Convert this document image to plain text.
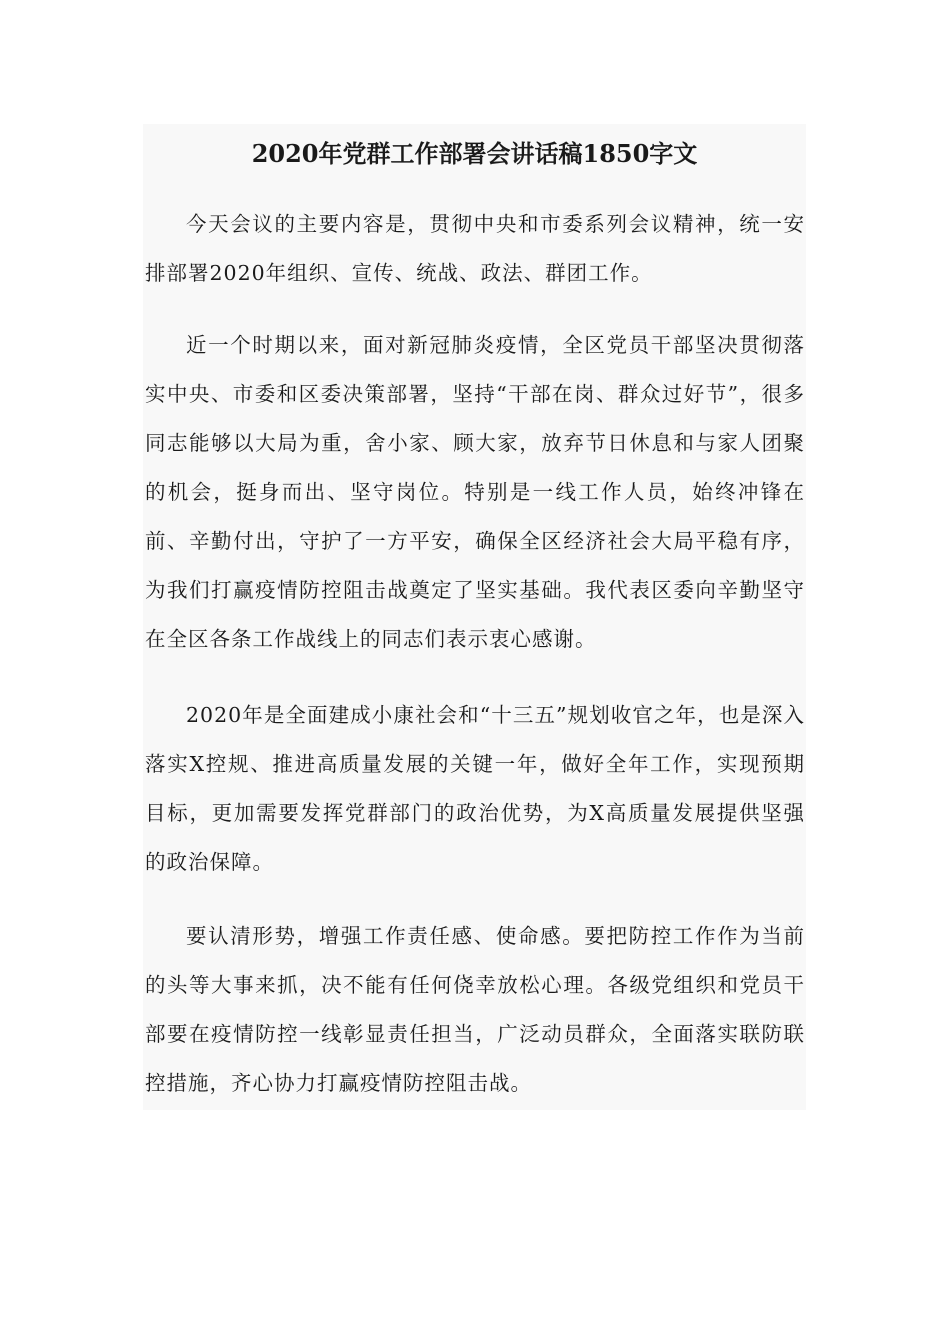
2020年党群工作部署会讲话稿1850字文

今天会议的主要内容是，贯彻中央和市委系列会议精神，统一安排部署2020年组织、宣传、统战、政法、群团工作。

近一个时期以来，面对新冠肺炎疫情，全区党员干部坚决贯彻落实中央、市委和区委决策部署，坚持“干部在岗、群众过好节”，很多同志能够以大局为重，舍小家、顾大家，放弃节日休息和与家人团聚的机会，挺身而出、坚守岗位。特别是一线工作人员，始终冲锋在前、辛勤付出，守护了一方平安，确保全区经济社会大局平稳有序，为我们打赢疫情防控阻击战奠定了坚实基础。我代表区委向辛勤坚守在全区各条工作战线上的同志们表示衷心感谢。

2020年是全面建成小康社会和“十三五”规划收官之年，也是深入落实X控规、推进高质量发展的关键一年，做好全年工作，实现预期目标，更加需要发挥党群部门的政治优势，为X高质量发展提供坚强的政治保障。

要认清形势，增强工作责任感、使命感。要把防控工作作为当前的头等大事来抓，决不能有任何侥幸放松心理。各级党组织和党员干部要在疫情防控一线彰显责任担当，广泛动员群众，全面落实联防联控措施，齐心协力打赢疫情防控阻击战。
